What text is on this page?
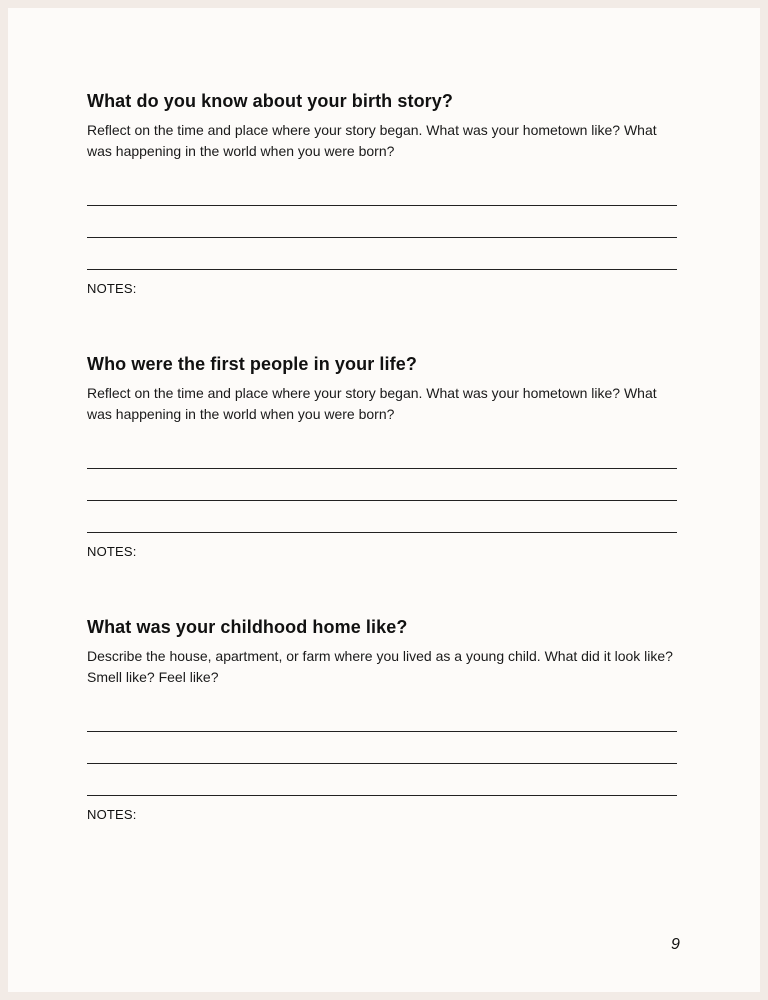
What do you know about your birth story?

Reflect on the time and place where your story began. What was your hometown like? What was happening in the world when you were born?

NOTES:
Who were the first people in your life?

Reflect on the time and place where your story began. What was your hometown like? What was happening in the world when you were born?

NOTES:
What was your childhood home like?

Describe the house, apartment, or farm where you lived as a young child. What did it look like? Smell like? Feel like?

NOTES:
9
